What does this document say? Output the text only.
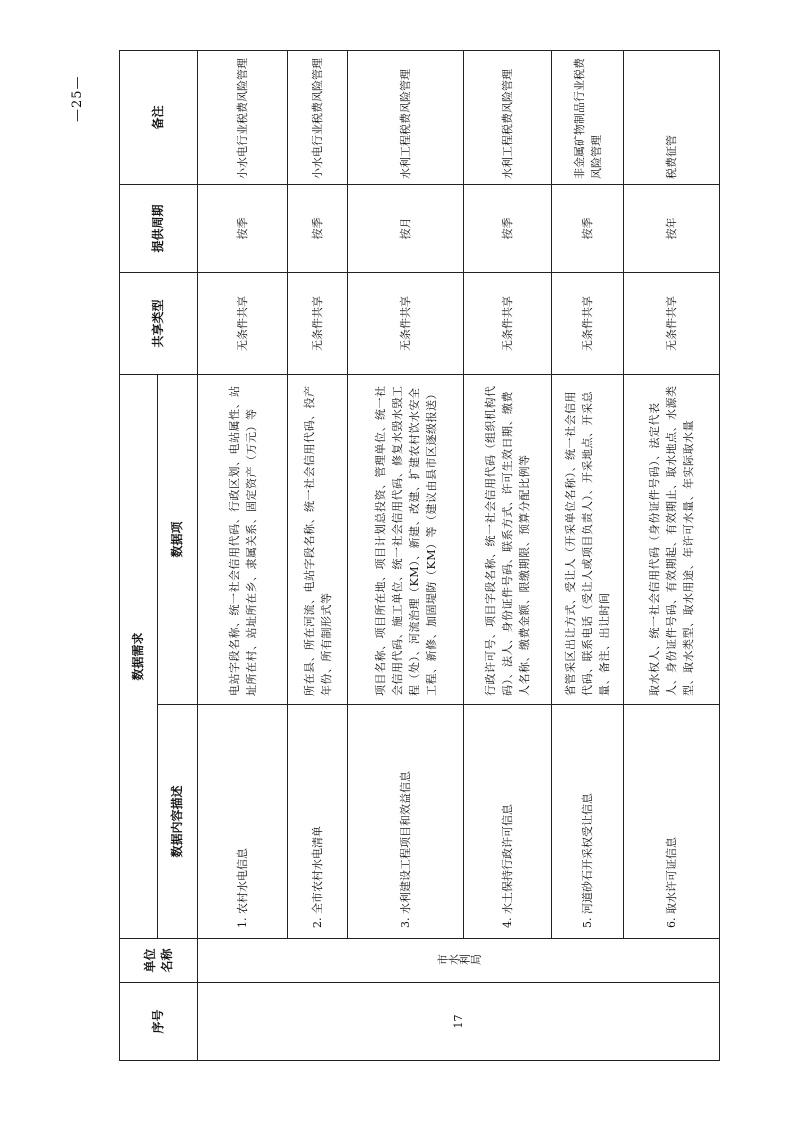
序号	单位名称	数据需求		共享类型	提供周期	备注
		数据内容描述	数据项			
17	市水利局	1. 农村水电信息	电站字段名称、统一社会信用代码、行政区划、电站属性、站址所在村、站址所在乡、隶属关系、固定资产（万元）等	无条件共享	按季	小水电行业税费风险管理
		2. 全市农村水电清单	所在县、所在河流、电站字段名称、统一社会信用代码、投产年份、所有制形式等	无条件共享	按季	小水电行业税费风险管理
		3. 水利建设工程项目和效益信息	项目名称、项目所在地、项目计划总投资、管理单位、统一社会信用代码、施工单位、统一社会信用代码、修复水毁水毁工程（处）、河流治理（KM）、新建、改建、扩建农村饮水安全工程、新修、加固堤防（KM）等（建议由县市区逐级报送）	无条件共享	按月	水利工程税费风险管理
		4. 水土保持行政许可信息	行政许可号、项目字段名称、统一社会信用代码（组织机构代码）、法人、身份证件号码、联系方式、许可生效日期、缴费人名称、缴费金额、限缴期限、预算分配比例等	无条件共享	按季	水利工程税费风险管理
		5. 河道砂石开采权受让信息	省管采区出让方式、受让人（开采单位名称）、统一社会信用代码、联系电话（受让人或项目负责人）、开采地点、开采总量、备注、出让时间	无条件共享	按季	非金属矿物制品行业税费风险管理
		6. 取水许可证信息	取水权人、统一社会信用代码（身份证件号码）、法定代表人、身份证件号码、有效期起、有效期止、取水地点、水源类型、取水类型、取水用途、年许可水量、年实际取水量	无条件共享	按年	税费征管
—25—
